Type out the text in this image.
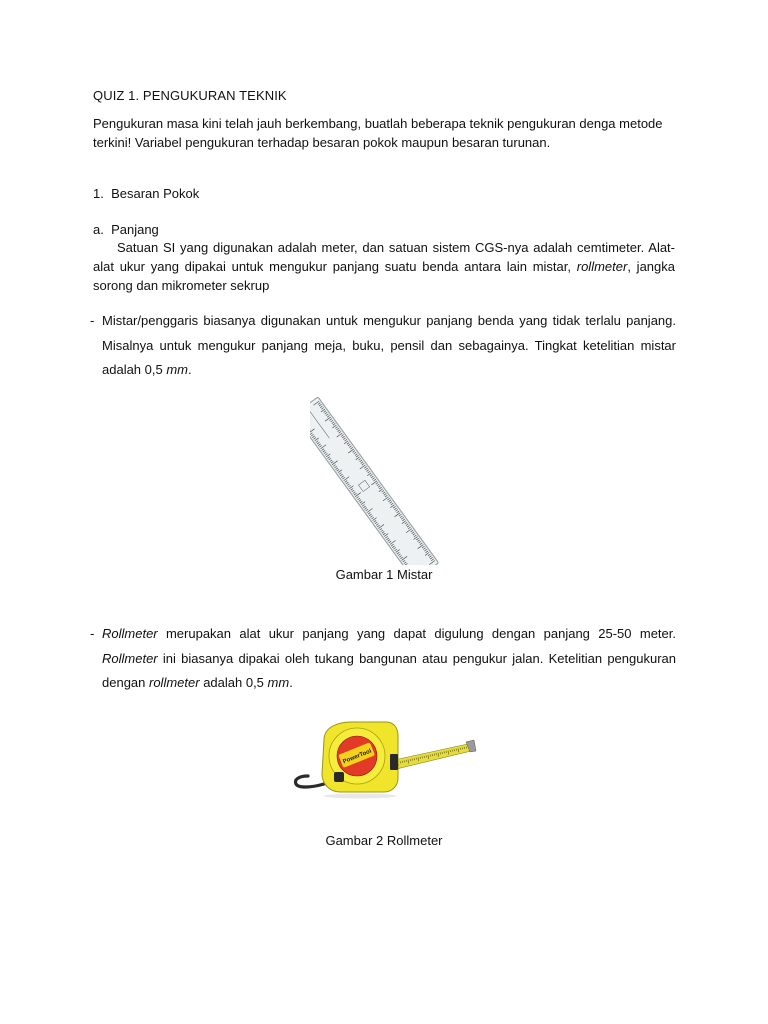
QUIZ 1. PENGUKURAN TEKNIK
Pengukuran masa kini telah jauh berkembang, buatlah beberapa teknik pengukuran denga metode terkini! Variabel pengukuran terhadap besaran pokok maupun besaran turunan.
1.  Besaran Pokok
a.  Panjang
Satuan SI yang digunakan adalah meter, dan satuan sistem CGS-nya adalah cemtimeter. Alat-alat ukur yang dipakai untuk mengukur panjang suatu benda antara lain mistar, rollmeter, jangka sorong dan mikrometer sekrup
- Mistar/penggaris biasanya digunakan untuk mengukur panjang benda yang tidak terlalu panjang. Misalnya untuk mengukur panjang meja, buku, pensil dan sebagainya. Tingkat ketelitian mistar adalah 0,5 mm.
Gambar 1 Mistar
- Rollmeter merupakan alat ukur panjang yang dapat digulung dengan panjang 25-50 meter. Rollmeter ini biasanya dipakai oleh tukang bangunan atau pengukur jalan. Ketelitian pengukuran dengan rollmeter adalah 0,5 mm.
PowerTool
Gambar 2 Rollmeter
